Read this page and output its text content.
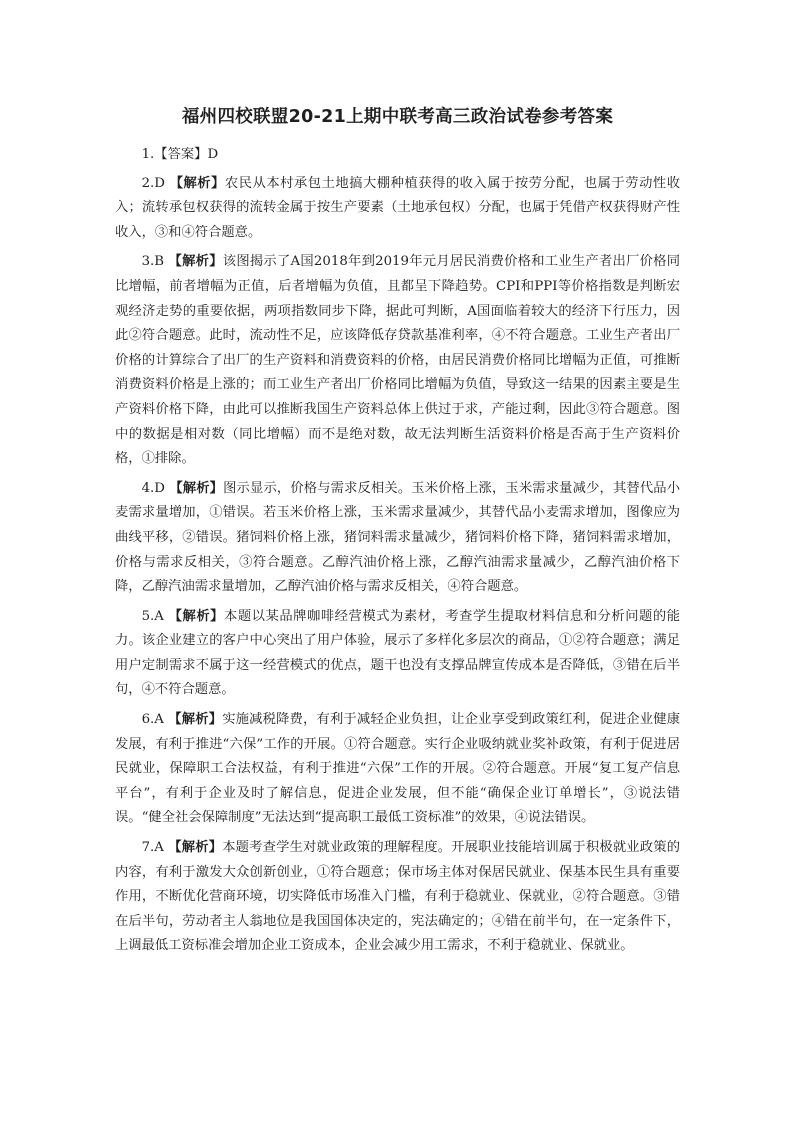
福州四校联盟20-21上期中联考高三政治试卷参考答案

1.【答案】D

2.D 【解析】农民从本村承包土地搞大棚种植获得的收入属于按劳分配，也属于劳动性收入；流转承包权获得的流转金属于按生产要素（土地承包权）分配，也属于凭借产权获得财产性收入，③和④符合题意。

3.B 【解析】该图揭示了A国2018年到2019年元月居民消费价格和工业生产者出厂价格同比增幅，前者增幅为正值，后者增幅为负值，且都呈下降趋势。CPI和PPI等价格指数是判断宏观经济走势的重要依据，两项指数同步下降，据此可判断，A国面临着较大的经济下行压力，因此②符合题意。此时，流动性不足，应该降低存贷款基准利率，④不符合题意。工业生产者出厂价格的计算综合了出厂的生产资料和消费资料的价格，由居民消费价格同比增幅为正值，可推断消费资料价格是上涨的；而工业生产者出厂价格同比增幅为负值，导致这一结果的因素主要是生产资料价格下降，由此可以推断我国生产资料总体上供过于求，产能过剩，因此③符合题意。图中的数据是相对数（同比增幅）而不是绝对数，故无法判断生活资料价格是否高于生产资料价格，①排除。

4.D 【解析】图示显示，价格与需求反相关。玉米价格上涨，玉米需求量减少，其替代品小麦需求量增加，①错误。若玉米价格上涨，玉米需求量减少，其替代品小麦需求增加，图像应为曲线平移，②错误。猪饲料价格上涨，猪饲料需求量减少，猪饲料价格下降，猪饲料需求增加，价格与需求反相关，③符合题意。乙醇汽油价格上涨，乙醇汽油需求量减少，乙醇汽油价格下降，乙醇汽油需求量增加，乙醇汽油价格与需求反相关，④符合题意。

5.A 【解析】本题以某品牌咖啡经营模式为素材，考查学生提取材料信息和分析问题的能力。该企业建立的客户中心突出了用户体验，展示了多样化多层次的商品，①②符合题意；满足用户定制需求不属于这一经营模式的优点，题干也没有支撑品牌宣传成本是否降低，③错在后半句，④不符合题意。

6.A 【解析】实施减税降费，有利于减轻企业负担，让企业享受到政策红利，促进企业健康发展，有利于推进“六保”工作的开展。①符合题意。实行企业吸纳就业奖补政策，有利于促进居民就业，保障职工合法权益，有利于推进“六保”工作的开展。②符合题意。开展“复工复产信息平台”，有利于企业及时了解信息，促进企业发展，但不能“确保企业订单增长”，③说法错误。“健全社会保障制度”无法达到“提高职工最低工资标准”的效果，④说法错误。

7.A 【解析】本题考查学生对就业政策的理解程度。开展职业技能培训属于积极就业政策的内容，有利于激发大众创新创业，①符合题意；保市场主体对保居民就业、保基本民生具有重要作用，不断优化营商环境，切实降低市场准入门槛，有利于稳就业、保就业，②符合题意。③错在后半句，劳动者主人翁地位是我国国体决定的，宪法确定的；④错在前半句，在一定条件下，上调最低工资标准会增加企业工资成本，企业会减少用工需求，不利于稳就业、保就业。
